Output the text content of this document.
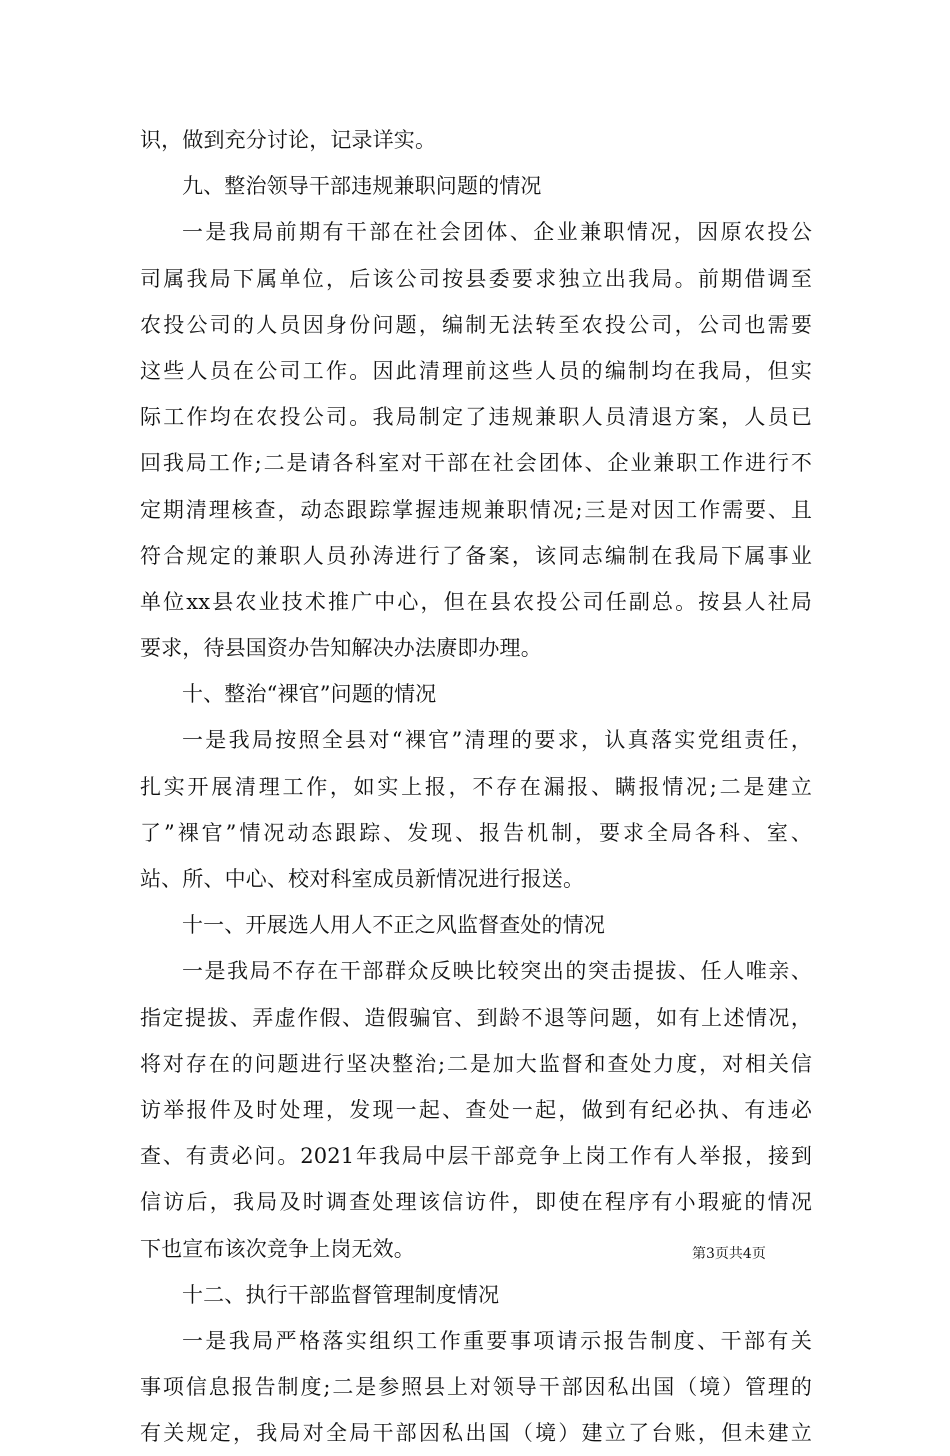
识，做到充分讨论，记录详实。
九、整治领导干部违规兼职问题的情况
一是我局前期有干部在社会团体、企业兼职情况，因原农投公
司属我局下属单位，后该公司按县委要求独立出我局。前期借调至
农投公司的人员因身份问题，编制无法转至农投公司，公司也需要
这些人员在公司工作。因此清理前这些人员的编制均在我局，但实
际工作均在农投公司。我局制定了违规兼职人员清退方案，人员已
回我局工作;二是请各科室对干部在社会团体、企业兼职工作进行不
定期清理核查，动态跟踪掌握违规兼职情况;三是对因工作需要、且
符合规定的兼职人员孙涛进行了备案，该同志编制在我局下属事业
单位xx县农业技术推广中心，但在县农投公司任副总。按县人社局
要求，待县国资办告知解决办法赓即办理。
十、整治“裸官”问题的情况
一是我局按照全县对“裸官”清理的要求，认真落实党组责任，
扎实开展清理工作，如实上报，不存在漏报、瞒报情况;二是建立
了”裸官”情况动态跟踪、发现、报告机制，要求全局各科、室、
站、所、中心、校对科室成员新情况进行报送。
十一、开展选人用人不正之风监督查处的情况
一是我局不存在干部群众反映比较突出的突击提拔、任人唯亲、
指定提拔、弄虚作假、造假骗官、到龄不退等问题，如有上述情况，
将对存在的问题进行坚决整治;二是加大监督和查处力度，对相关信
访举报件及时处理，发现一起、查处一起，做到有纪必执、有违必
查、有责必问。2021年我局中层干部竞争上岗工作有人举报，接到
信访后，我局及时调查处理该信访件，即使在程序有小瑕疵的情况
下也宣布该次竞争上岗无效。
十二、执行干部监督管理制度情况
一是我局严格落实组织工作重要事项请示报告制度、干部有关
事项信息报告制度;二是参照县上对领导干部因私出国（境）管理的
有关规定，我局对全局干部因私出国（境）建立了台账，但未建立
第3页共4页
